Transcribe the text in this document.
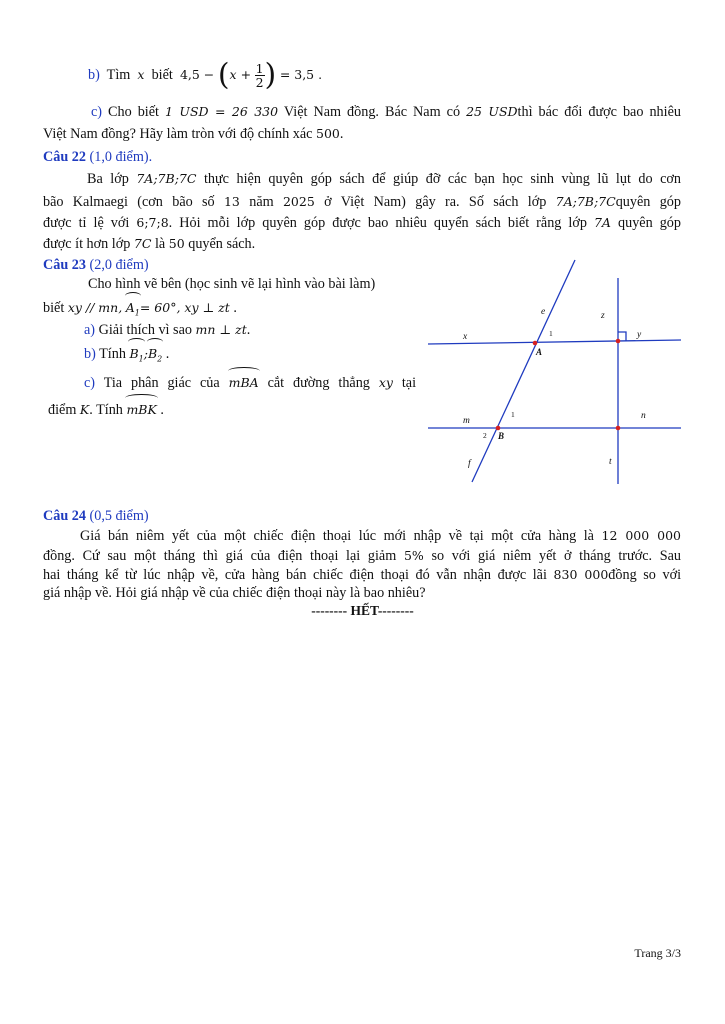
b) Tìm x biết $4,5 - (x + \frac{1}{2}$ ) = 3,5 .
c) Cho biết 1 USD = 26 330 Việt Nam đồng. Bác Nam có 25 USDthì bác đổi được bao nhiêu
Việt Nam đồng? Hãy làm tròn với độ chính xác 500.
Câu 22 (1,0 điểm).
Ba lớp 7A;7B;7C thực hiện quyên góp sách để giúp đỡ các bạn học sinh vùng lũ lụt do cơn
bão Kalmaegi (cơn bão số 13 năm 2025 ở Việt Nam) gây ra. Số sách lớp 7A;7B;7Cquyên góp
được tỉ lệ với 6;7;8. Hỏi mỗi lớp quyên góp được bao nhiêu quyển sách biết rằng lớp 7A quyên góp
được ít hơn lớp 7C là 50 quyển sách.
Câu 23 (2,0 điểm)
Cho hình vẽ bên (học sinh vẽ lại hình vào bài làm)
biết xy // mn, $A_1= 60^\circ$, xy ⊥ zt .
a) Giải thích vì sao mn ⊥ zt.
b) Tính $B_1;B_2$ .
c) Tia phân giác của mBA cắt đường thẳng xy tại
điểm K. Tính mBK .
e	z
x	1	y
A
m
1	n
2 B
f	t
Câu 24 (0,5 điểm)
Giá bán niêm yết của một chiếc điện thoại lúc mới nhập về tại một cửa hàng là 12 000 000
đồng. Cứ sau một tháng thì giá của điện thoại lại giảm 5% so với giá niêm yết ở tháng trước. Sau
hai tháng kể từ lúc nhập về, cửa hàng bán chiếc điện thoại đó vẫn nhận được lãi 830 000đồng so với
giá nhập về. Hỏi giá nhập về của chiếc điện thoại này là bao nhiêu?
-------- HẾT--------
Trang 3/3
